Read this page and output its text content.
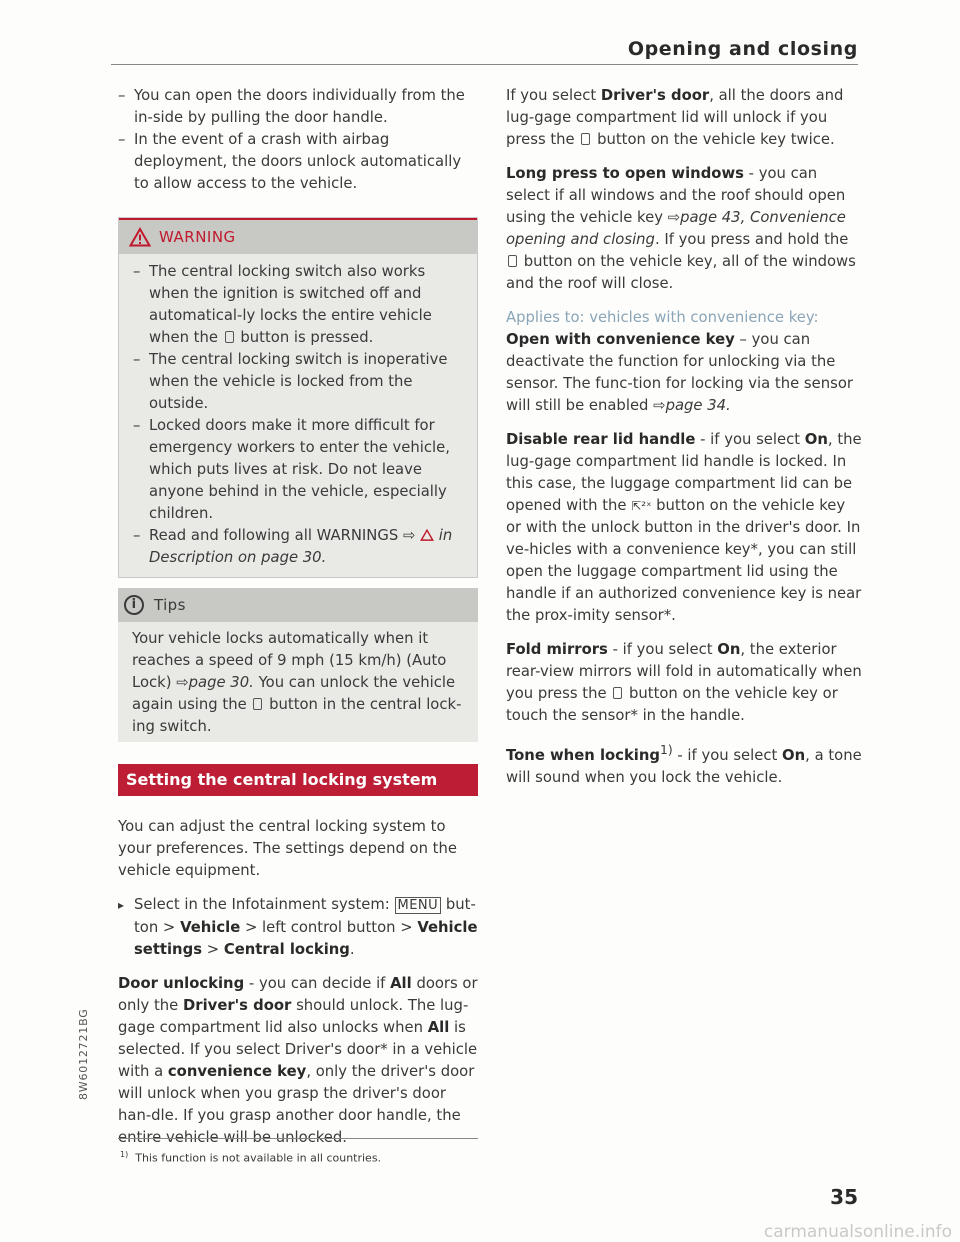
Opening and closing

– You can open the doors individually from the in-side by pulling the door handle.

– In the event of a crash with airbag deployment, the doors unlock automatically to allow access to the vehicle.

WARNING

– The central locking switch also works when the ignition is switched off and automatical-ly locks the entire vehicle when the button is pressed.

– The central locking switch is inoperative when the vehicle is locked from the outside.

– Locked doors make it more difficult for emergency workers to enter the vehicle, which puts lives at risk. Do not leave anyone behind in the vehicle, especially children.

– Read and following all WARNINGS ⇨ in Description on page 30.

i	Tips

Your vehicle locks automatically when it reaches a speed of 9 mph (15 km/h) (Auto Lock) ⇨page 30. You can unlock the vehicle again using the button in the central lock-ing switch.

Setting the central locking system

You can adjust the central locking system to your preferences. The settings depend on the vehicle equipment.

▸ Select in the Infotainment system: MENU but-ton > Vehicle > left control button > Vehicle settings > Central locking.

Door unlocking - you can decide if All doors or only the Driver's door should unlock. The lug-gage compartment lid also unlocks when All is selected. If you select Driver's door* in a vehicle with a convenience key, only the driver's door will unlock when you grasp the driver's door han-dle. If you grasp another door handle, the entire vehicle will be unlocked.

If you select Driver's door, all the doors and lug-gage compartment lid will unlock if you press the button on the vehicle key twice.

Long press to open windows - you can select if all windows and the roof should open using the vehicle key ⇨page 43, Convenience opening and closing. If you press and hold the  button on the vehicle key, all of the windows and the roof will close.

Applies to: vehicles with convenience key: Open with convenience key – you can deactivate the function for unlocking via the sensor. The func-tion for locking via the sensor will still be enabled ⇨page 34.

Disable rear lid handle - if you select On, the lug-gage compartment lid handle is locked. In this case, the luggage compartment lid can be opened with the ⇱²ˣ button on the vehicle key or with the unlock button in the driver's door. In ve-hicles with a convenience key*, you can still open the luggage compartment lid using the handle if an authorized convenience key is near the prox-imity sensor*.

Fold mirrors - if you select On, the exterior rear-view mirrors will fold in automatically when you press the button on the vehicle key or touch the sensor* in the handle.

Tone when locking$^{1)}$ - if you select On, a tone will sound when you lock the vehicle.

$^{1)}$ This function is not available in all countries.
35
8W6012721BG
carmanualsonline.info
